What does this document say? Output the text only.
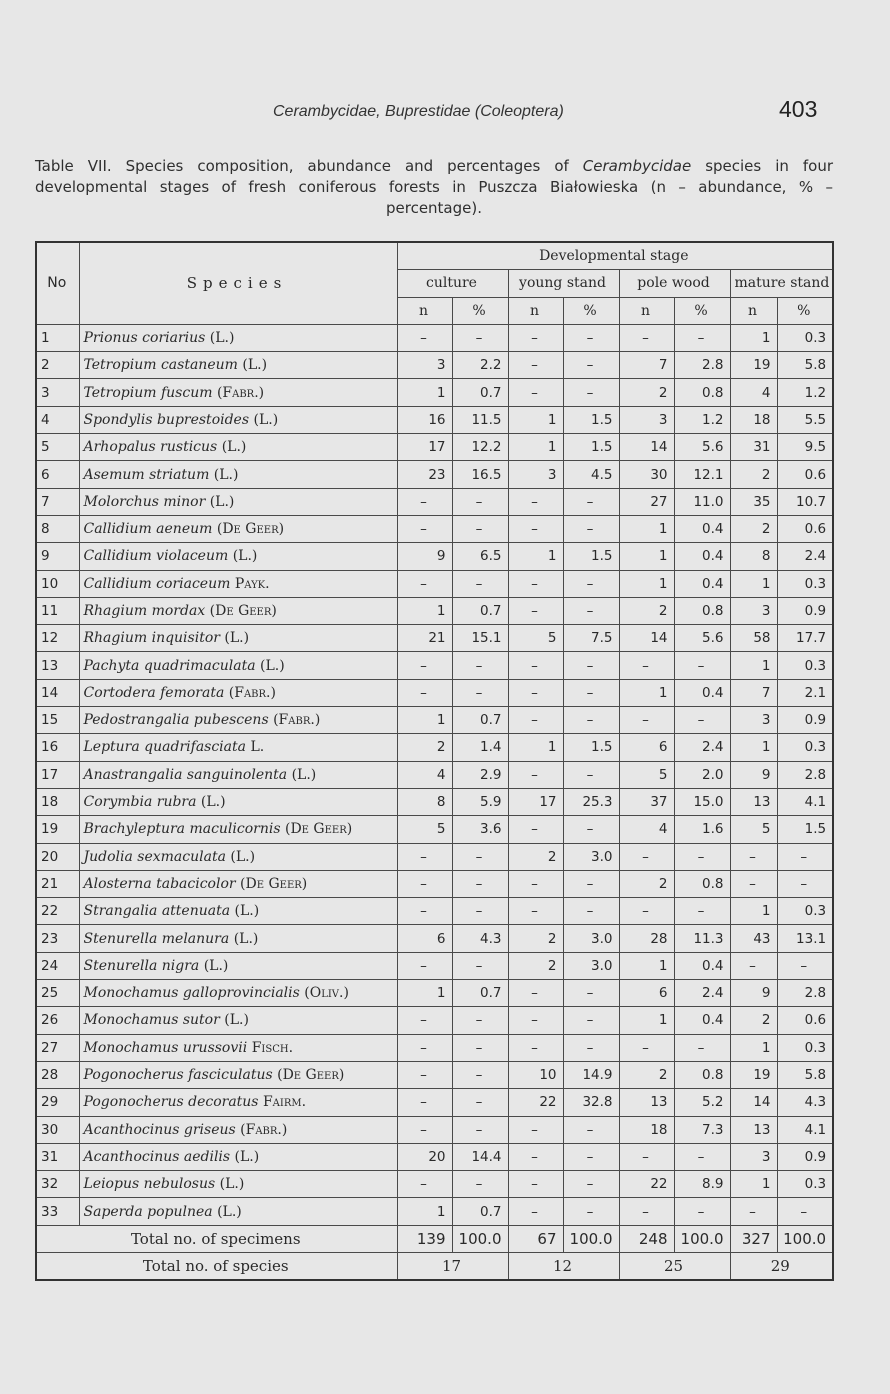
Cerambycidae, Buprestidae (Coleoptera)	403
Table VII. Species composition, abundance and percentages of Cerambycidae species in four developmental stages of fresh coniferous forests in Puszcza Białowieska (n – abundance, % – percentage).
No	Species	Developmental stage							
		culture		young stand		pole wood		mature stand	
		n	%	n	%	n	%	n	%
1	Prionus coriarius (L.)	–	–	–	–	–	–	1	0.3
2	Tetropium castaneum (L.)	3	2.2	–	–	7	2.8	19	5.8
3	Tetropium fuscum (Fabr.)	1	0.7	–	–	2	0.8	4	1.2
4	Spondylis buprestoides (L.)	16	11.5	1	1.5	3	1.2	18	5.5
5	Arhopalus rusticus (L.)	17	12.2	1	1.5	14	5.6	31	9.5
6	Asemum striatum (L.)	23	16.5	3	4.5	30	12.1	2	0.6
7	Molorchus minor (L.)	–	–	–	–	27	11.0	35	10.7
8	Callidium aeneum (De Geer)	–	–	–	–	1	0.4	2	0.6
9	Callidium violaceum (L.)	9	6.5	1	1.5	1	0.4	8	2.4
10	Callidium coriaceum Payk.	–	–	–	–	1	0.4	1	0.3
11	Rhagium mordax (De Geer)	1	0.7	–	–	2	0.8	3	0.9
12	Rhagium inquisitor (L.)	21	15.1	5	7.5	14	5.6	58	17.7
13	Pachyta quadrimaculata (L.)	–	–	–	–	–	–	1	0.3
14	Cortodera femorata (Fabr.)	–	–	–	–	1	0.4	7	2.1
15	Pedostrangalia pubescens (Fabr.)	1	0.7	–	–	–	–	3	0.9
16	Leptura quadrifasciata L.	2	1.4	1	1.5	6	2.4	1	0.3
17	Anastrangalia sanguinolenta (L.)	4	2.9	–	–	5	2.0	9	2.8
18	Corymbia rubra (L.)	8	5.9	17	25.3	37	15.0	13	4.1
19	Brachyleptura maculicornis (De Geer)	5	3.6	–	–	4	1.6	5	1.5
20	Judolia sexmaculata (L.)	–	–	2	3.0	–	–	–	–
21	Alosterna tabacicolor (De Geer)	–	–	–	–	2	0.8	–	–
22	Strangalia attenuata (L.)	–	–	–	–	–	–	1	0.3
23	Stenurella melanura (L.)	6	4.3	2	3.0	28	11.3	43	13.1
24	Stenurella nigra (L.)	–	–	2	3.0	1	0.4	–	–
25	Monochamus galloprovincialis (Oliv.)	1	0.7	–	–	6	2.4	9	2.8
26	Monochamus sutor (L.)	–	–	–	–	1	0.4	2	0.6
27	Monochamus urussovii Fisch.	–	–	–	–	–	–	1	0.3
28	Pogonocherus fasciculatus (De Geer)	–	–	10	14.9	2	0.8	19	5.8
29	Pogonocherus decoratus Fairm.	–	–	22	32.8	13	5.2	14	4.3
30	Acanthocinus griseus (Fabr.)	–	–	–	–	18	7.3	13	4.1
31	Acanthocinus aedilis (L.)	20	14.4	–	–	–	–	3	0.9
32	Leiopus nebulosus (L.)	–	–	–	–	22	8.9	1	0.3
33	Saperda populnea (L.)	1	0.7	–	–	–	–	–	–
Total no. of specimens		139	100.0	67	100.0	248	100.0	327	100.0
Total no. of species		17		12		25		29	
